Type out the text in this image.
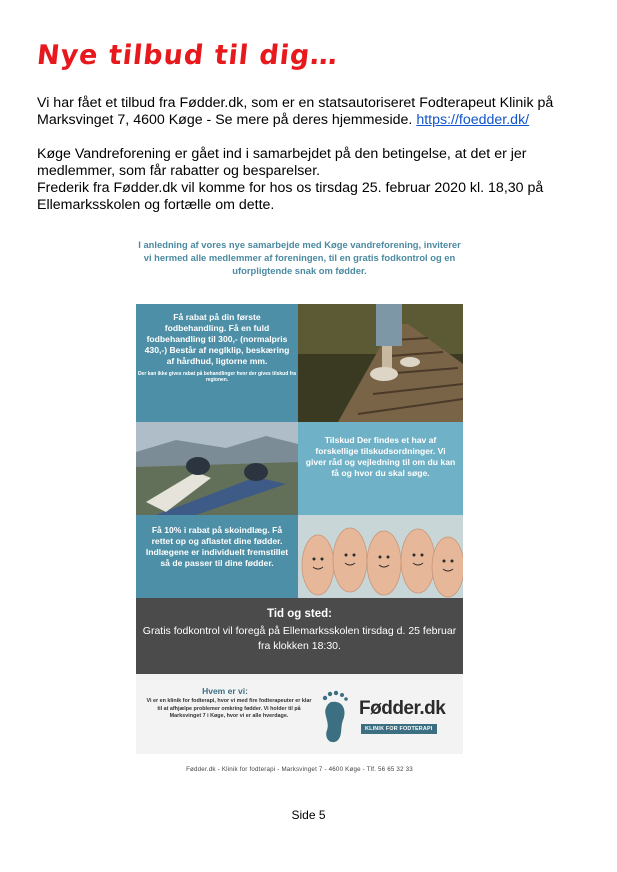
Nye tilbud til dig…
Vi har fået et tilbud fra Fødder.dk, som er en statsautoriseret Fodterapeut Klinik på Marksvinget 7, 4600 Køge - Se mere på deres hjemmeside. https://foedder.dk/
Køge Vandreforening er gået ind i samarbejdet på den betingelse, at det er jer medlemmer, som får rabatter og besparelser.
Frederik fra Fødder.dk vil komme for hos os tirsdag 25. februar 2020 kl. 18,30 på Ellemarksskolen og fortælle om dette.
I anledning af vores nye samarbejde med Køge vandreforening, inviterer vi hermed alle medlemmer af foreningen, til en gratis fodkontrol og en uforpligtende snak om fødder.
Få rabat på din første fodbehandling. Få en fuld fodbehandling til 300,- (normalpris 430,-) Består af neglklip, beskæring af hårdhud, ligtorne mm.
Der kan ikke gives rabat på behandlinger hvor der gives tilskud fra regionen.
Tilskud Der findes et hav af forskellige tilskudsordninger. Vi giver råd og vejledning til om du kan få og hvor du skal søge.
Få 10% i rabat på skoindlæg. Få rettet op og aflastet dine fødder. Indlægene er individuelt fremstillet så de passer til dine fødder.
Tid og sted:
Gratis fodkontrol vil foregå på Ellemarksskolen tirsdag d. 25 februar fra klokken 18:30.
Hvem er vi:
Vi er en klinik for fodterapi, hvor vi med fire fodterapeuter er klar til at afhjælpe problemer omkring fødder. Vi holder til på Marksvinget 7 i Køge, hvor vi er alle hverdage.	Fødder.dk
KLINIK FOR FODTERAPI
Fødder.dk - Klinik for fodterapi - Marksvinget 7 - 4600 Køge - Tlf. 56 65 32 33
Side 5
